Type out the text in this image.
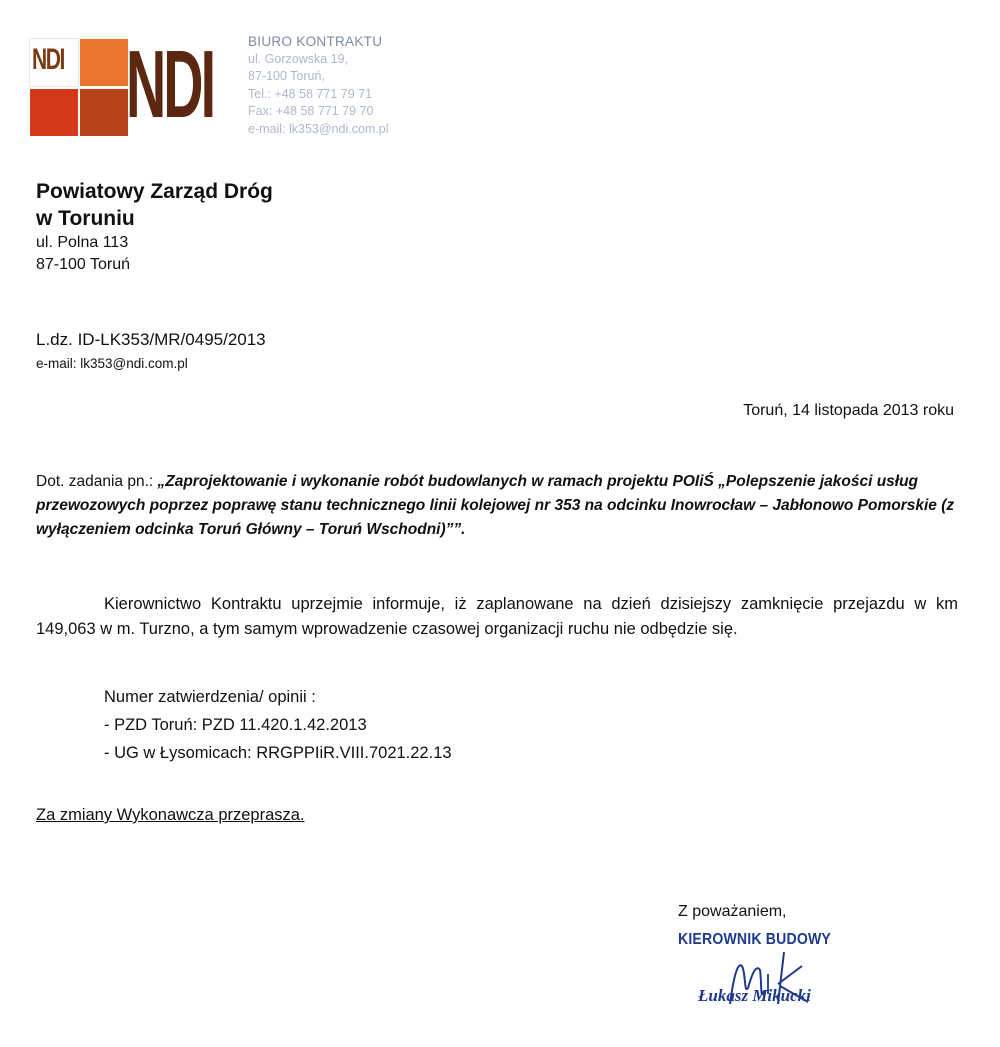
NDI NDI	BIURO KONTRAKTU
ul. Gorzowska 19,
87-100 Toruń,
Tel.: +48 58 771 79 71
Fax: +48 58 771 79 70
e-mail: lk353@ndi.com.pl
Powiatowy Zarząd Dróg
w Toruniu
ul. Polna 113
87-100 Toruń
L.dz. ID-LK353/MR/0495/2013
e-mail: lk353@ndi.com.pl
Toruń, 14 listopada 2013 roku
Dot. zadania pn.: „Zaprojektowanie i wykonanie robót budowlanych w ramach projektu POIiŚ „Polepszenie jakości usług przewozowych poprzez poprawę stanu technicznego linii kolejowej nr 353 na odcinku Inowrocław – Jabłonowo Pomorskie (z wyłączeniem odcinka Toruń Główny – Toruń Wschodni)””.
Kierownictwo Kontraktu uprzejmie informuje, iż zaplanowane na dzień dzisiejszy zamknięcie przejazdu w km 149,063 w m. Turzno, a tym samym wprowadzenie czasowej organizacji ruchu nie odbędzie się.
Numer zatwierdzenia/ opinii :
- PZD Toruń: PZD 11.420.1.42.2013
- UG w Łysomicach: RRGPPIiR.VIII.7021.22.13
Za zmiany Wykonawcza przeprasza.
Z poważaniem,
KIEROWNIK BUDOWY
Łukasz Mikucki
